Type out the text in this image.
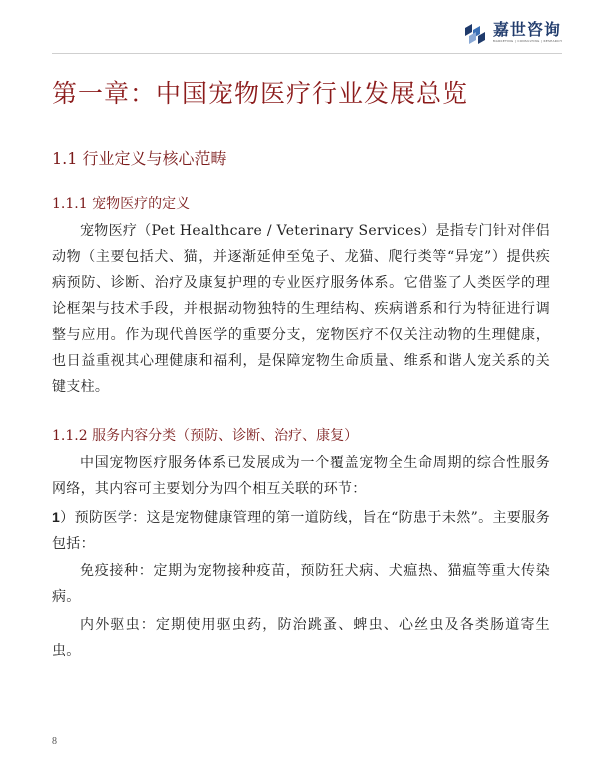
嘉世咨询
MARKETING | CONSULTING | RESEARCH
第一章：中国宠物医疗行业发展总览
1.1 行业定义与核心范畴
1.1.1 宠物医疗的定义

宠物医疗（Pet Healthcare / Veterinary Services）是指专门针对伴侣动物（主要包括犬、猫，并逐渐延伸至兔子、龙猫、爬行类等“异宠”）提供疾病预防、诊断、治疗及康复护理的专业医疗服务体系。它借鉴了人类医学的理论框架与技术手段，并根据动物独特的生理结构、疾病谱系和行为特征进行调整与应用。作为现代兽医学的重要分支，宠物医疗不仅关注动物的生理健康，也日益重视其心理健康和福利，是保障宠物生命质量、维系和谐人宠关系的关键支柱。

1.1.2 服务内容分类（预防、诊断、治疗、康复）

中国宠物医疗服务体系已发展成为一个覆盖宠物全生命周期的综合性服务网络，其内容可主要划分为四个相互关联的环节：

1）预防医学：这是宠物健康管理的第一道防线，旨在“防患于未然”。主要服务包括：

免疫接种：定期为宠物接种疫苗，预防狂犬病、犬瘟热、猫瘟等重大传染病。

内外驱虫：定期使用驱虫药，防治跳蚤、蜱虫、心丝虫及各类肠道寄生虫。

8
